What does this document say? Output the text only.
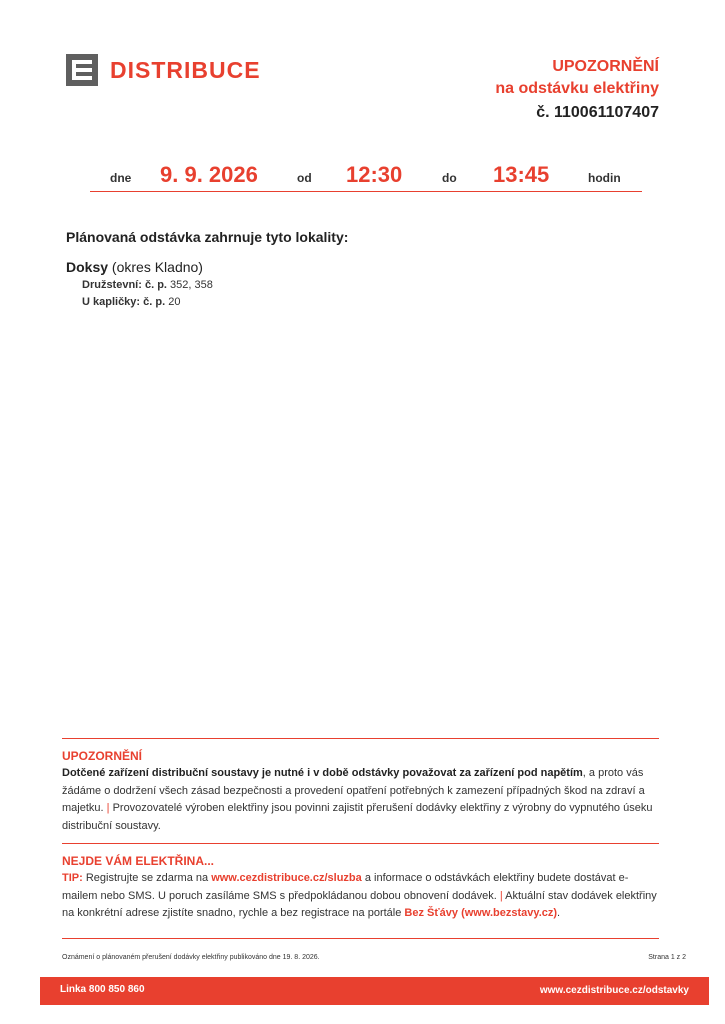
DISTRIBUCE	UPOZORNĚNÍ
na odstávku elektřiny
č. 110061107407
dne 9. 9. 2026	od 12:30	do 13:45	hodin
Plánovaná odstávka zahrnuje tyto lokality:
Doksy (okres Kladno)
Družstevní: č. p. 352, 358
U kapličky: č. p. 20
UPOZORNĚNÍ
Dotčené zařízení distribuční soustavy je nutné i v době odstávky považovat za zařízení pod napětím, a proto vás žádáme o dodržení všech zásad bezpečnosti a provedení opatření potřebných k zamezení případných škod na zdraví a majetku. | Provozovatelé výroben elektřiny jsou povinni zajistit přerušení dodávky elektřiny z výrobny do vypnutého úseku distribuční soustavy.
NEJDE VÁM ELEKTŘINA...
TIP: Registrujte se zdarma na www.cezdistribuce.cz/sluzba a informace o odstávkách elektřiny budete dostávat e-mailem nebo SMS. U poruch zasíláme SMS s předpokládanou dobou obnovení dodávek. | Aktuální stav dodávek elektřiny na konkrétní adrese zjistíte snadno, rychle a bez registrace na portále Bez Šťávy (www.bezstavy.cz).
Oznámení o plánovaném přerušení dodávky elektřiny publikováno dne 19. 8. 2026.	Strana 1 z 2
Linka 800 850 860	www.cezdistribuce.cz/odstavky
